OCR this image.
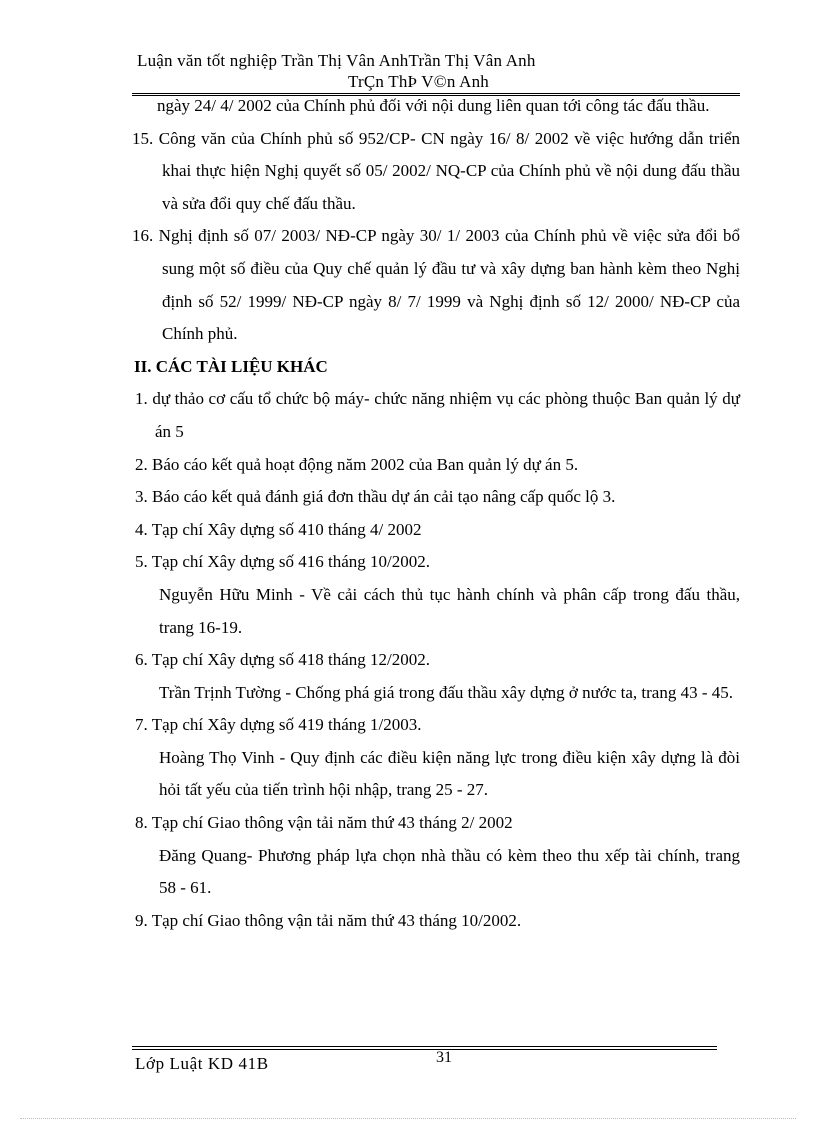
Luận văn tốt nghiệp Trần Thị Vân AnhTrần Thị Vân Anh
TrÇn ThÞ V©n Anh

ngày 24/ 4/ 2002 của Chính phủ đối với nội dung liên quan tới công tác đấu thầu.

15. Công văn của Chính phủ số 952/CP- CN ngày 16/ 8/ 2002 về việc hướng dẫn triển khai thực hiện Nghị quyết số 05/ 2002/ NQ-CP của Chính phủ về nội dung đấu thầu và sửa đổi quy chế đấu thầu.

16. Nghị định số 07/ 2003/ NĐ-CP ngày 30/ 1/ 2003 của Chính phủ về việc sửa đổi bổ sung một số điều của Quy chế quản lý đầu tư và xây dựng ban hành kèm theo Nghị định số 52/ 1999/ NĐ-CP ngày 8/ 7/ 1999 và Nghị định số 12/ 2000/ NĐ-CP của Chính phủ.

II. CÁC TÀI LIỆU KHÁC

1. dự thảo cơ cấu tổ chức bộ máy- chức năng nhiệm vụ các phòng thuộc Ban quản lý dự án 5

2. Báo cáo kết quả hoạt động năm 2002 của Ban quản lý dự án 5.

3. Báo cáo kết quả đánh giá đơn thầu dự án cải tạo nâng cấp quốc lộ 3.

4. Tạp chí Xây dựng số 410 tháng 4/ 2002

5. Tạp chí Xây dựng số 416 tháng 10/2002.

Nguyễn Hữu Minh - Về cải cách thủ tục hành chính và phân cấp trong đấu thầu, trang 16-19.

6. Tạp chí Xây dựng số 418 tháng 12/2002.

Trần Trịnh Tường - Chống phá giá trong đấu thầu xây dựng ở nước ta, trang 43 - 45.

7. Tạp chí Xây dựng số 419 tháng 1/2003.

Hoàng Thọ Vinh - Quy định các điều kiện năng lực trong điều kiện xây dựng là đòi hỏi tất yếu của tiến trình hội nhập, trang 25 - 27.

8. Tạp chí Giao thông vận tải năm thứ 43 tháng 2/ 2002

Đăng Quang- Phương pháp lựa chọn nhà thầu có kèm theo thu xếp tài chính, trang 58 - 61.

9. Tạp chí Giao thông vận tải năm thứ 43 tháng 10/2002.

Lớp Luật KD 41B	31
